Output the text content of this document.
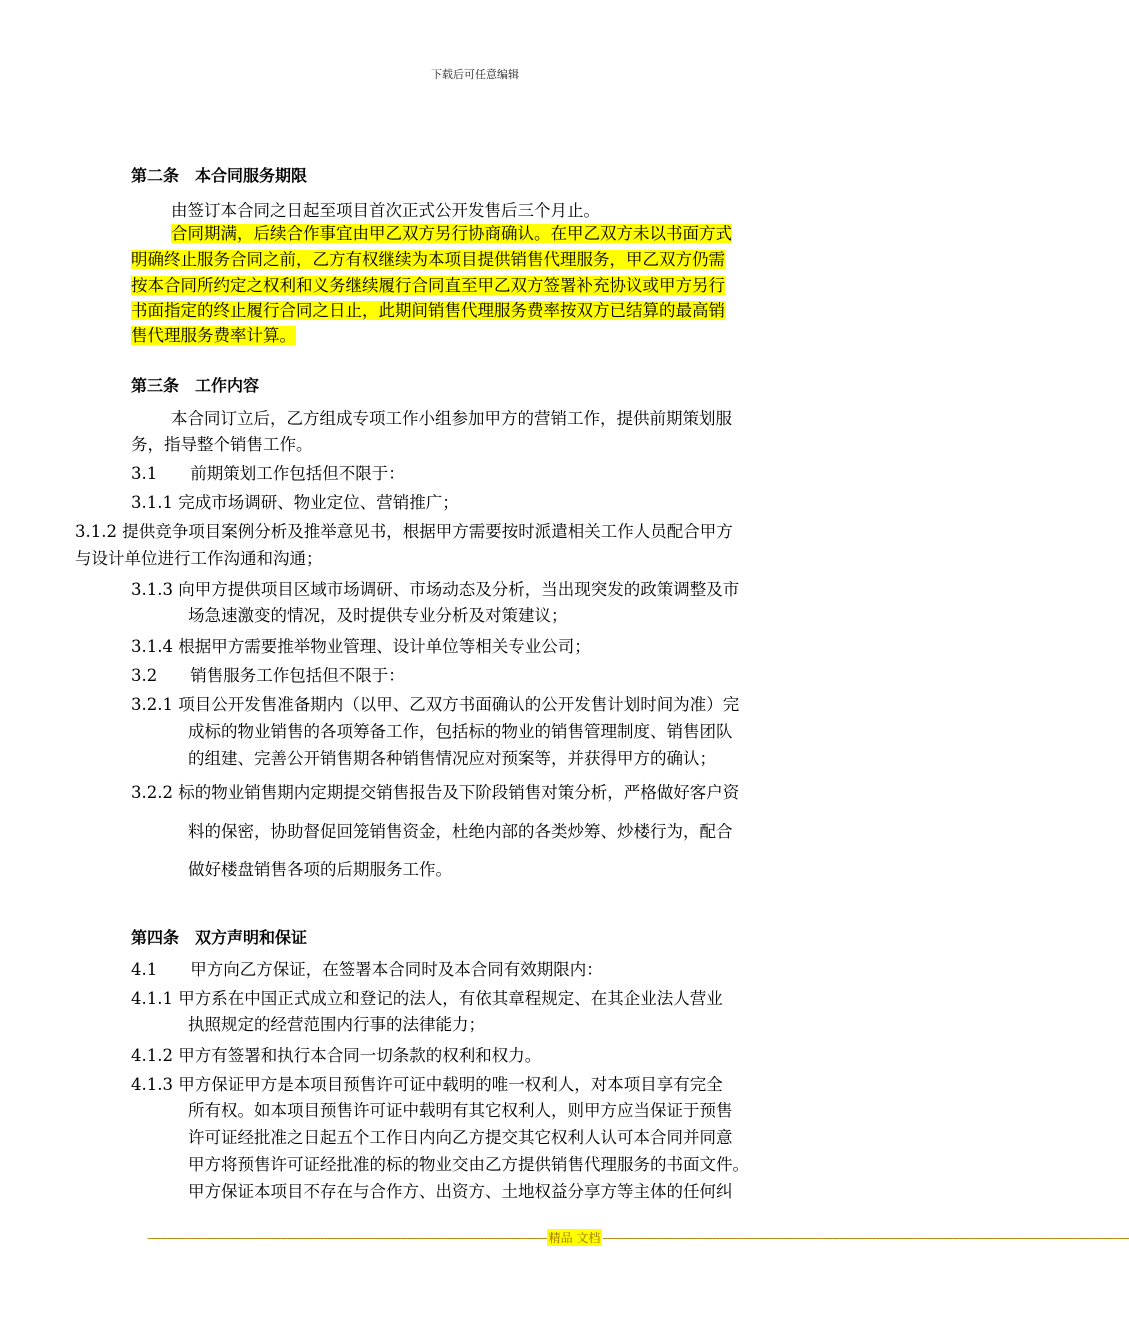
下载后可任意编辑
第二条　本合同服务期限
由签订本合同之日起至项目首次正式公开发售后三个月止。
合同期满，后续合作事宜由甲乙双方另行协商确认。在甲乙双方未以书面方式
明确终止服务合同之前，乙方有权继续为本项目提供销售代理服务，甲乙双方仍需
按本合同所约定之权利和义务继续履行合同直至甲乙双方签署补充协议或甲方另行
书面指定的终止履行合同之日止，此期间销售代理服务费率按双方已结算的最高销
售代理服务费率计算。
第三条　工作内容
本合同订立后，乙方组成专项工作小组参加甲方的营销工作，提供前期策划服
务，指导整个销售工作。
3.1　　前期策划工作包括但不限于：
3.1.1 完成市场调研、物业定位、营销推广；
3.1.2 提供竞争项目案例分析及推举意见书，根据甲方需要按时派遣相关工作人员配合甲方
与设计单位进行工作沟通和沟通；
3.1.3 向甲方提供项目区域市场调研、市场动态及分析，当出现突发的政策调整及市
场急速激变的情况，及时提供专业分析及对策建议；
3.1.4 根据甲方需要推举物业管理、设计单位等相关专业公司；
3.2　　销售服务工作包括但不限于：
3.2.1 项目公开发售准备期内（以甲、乙双方书面确认的公开发售计划时间为准）完
成标的物业销售的各项筹备工作，包括标的物业的销售管理制度、销售团队
的组建、完善公开销售期各种销售情况应对预案等，并获得甲方的确认；
3.2.2 标的物业销售期内定期提交销售报告及下阶段销售对策分析，严格做好客户资
料的保密，协助督促回笼销售资金，杜绝内部的各类炒筹、炒楼行为，配合
做好楼盘销售各项的后期服务工作。
第四条　双方声明和保证
4.1　　甲方向乙方保证，在签署本合同时及本合同有效期限内：
4.1.1 甲方系在中国正式成立和登记的法人，有依其章程规定、在其企业法人营业
执照规定的经营范围内行事的法律能力；
4.1.2 甲方有签署和执行本合同一切条款的权利和权力。
4.1.3 甲方保证甲方是本项目预售许可证中载明的唯一权利人，对本项目享有完全
所有权。如本项目预售许可证中载明有其它权利人，则甲方应当保证于预售
许可证经批准之日起五个工作日内向乙方提交其它权利人认可本合同并同意
甲方将预售许可证经批准的标的物业交由乙方提供销售代理服务的书面文件。
甲方保证本项目不存在与合作方、出资方、土地权益分享方等主体的任何纠
------------------------------------------------------------------------------------------------------------------------ 精品 文档 --------------------------------------------------------------------------------------------------------------------------------------------------------------
